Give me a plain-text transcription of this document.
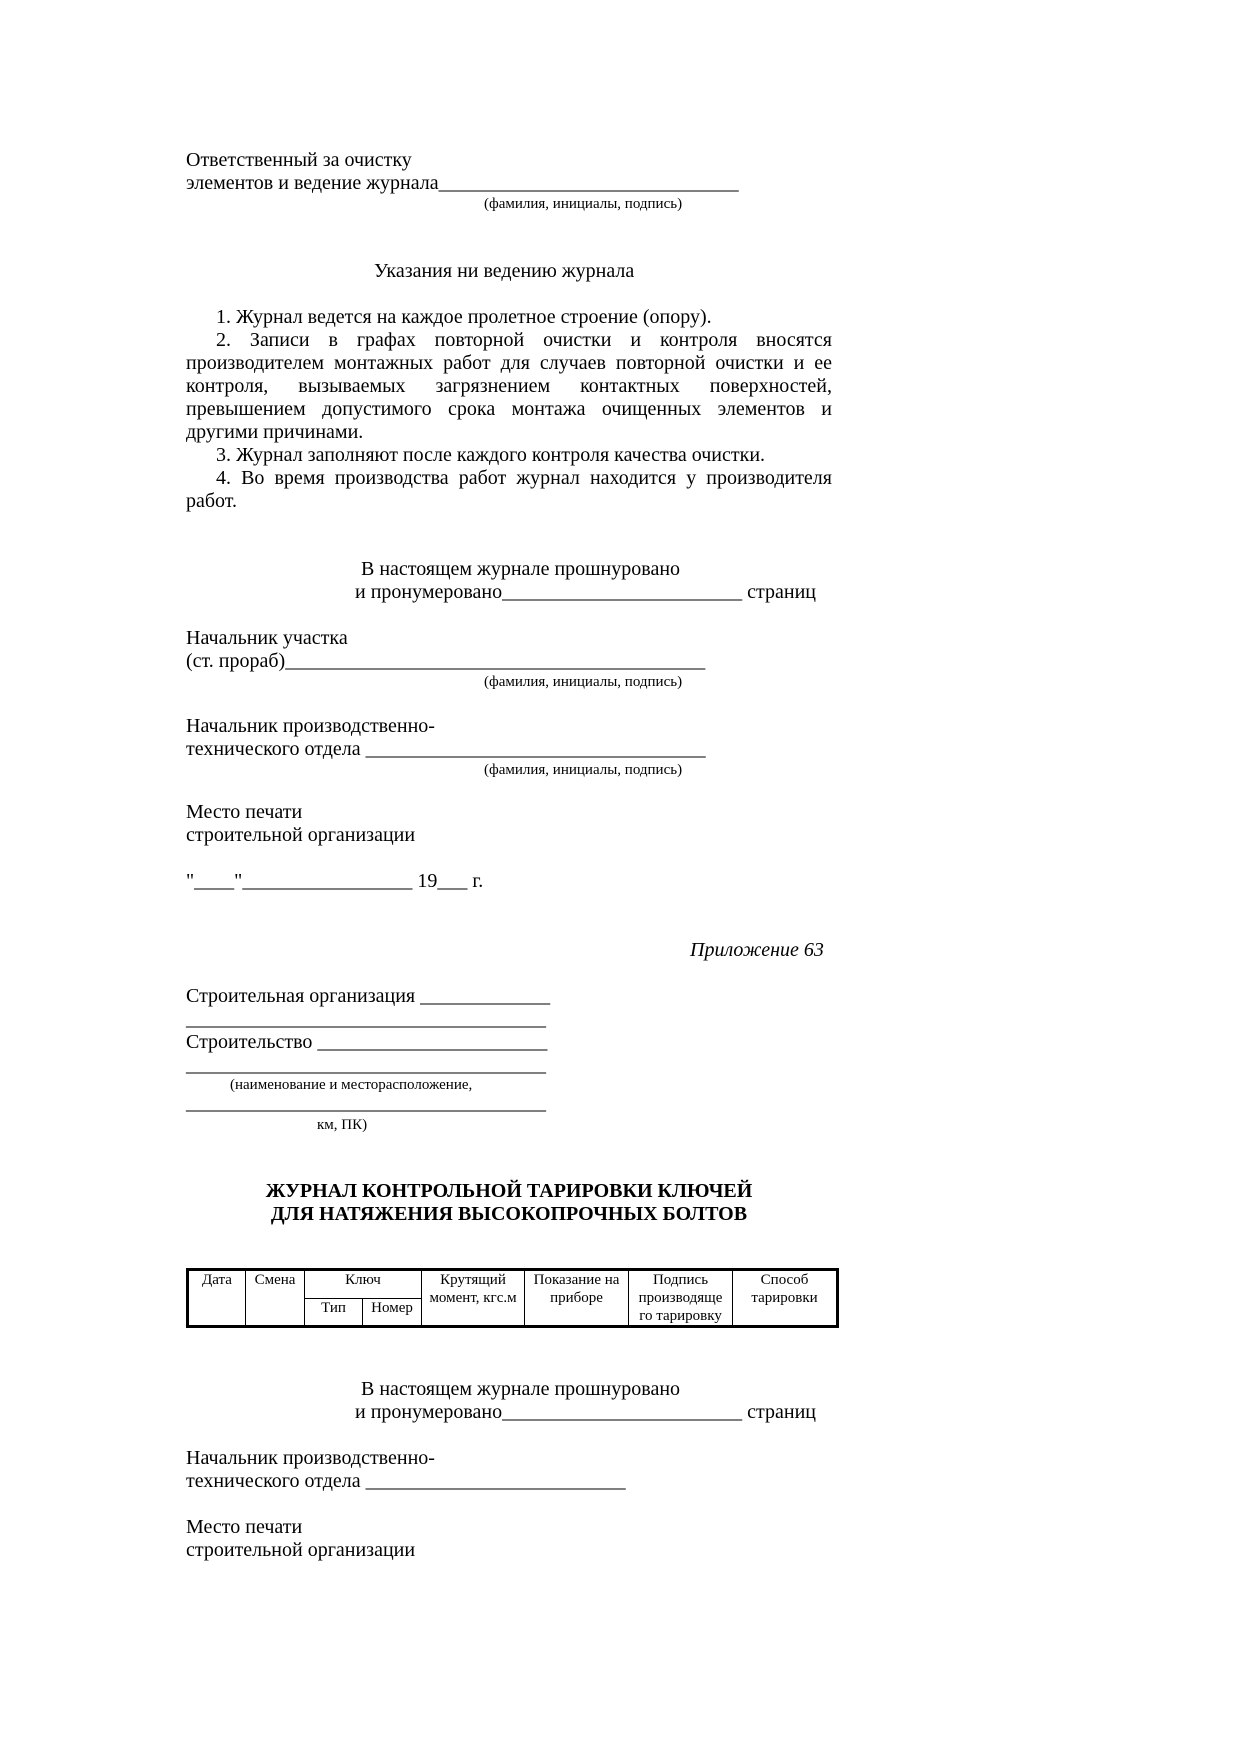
Ответственный за очистку
элементов и ведение журнала______________________________
(фамилия, инициалы, подпись)
Указания ни ведению журнала
1. Журнал ведется на каждое пролетное строение (опору).
2. Записи в графах повторной очистки и контроля вносятся производителем монтажных работ для случаев повторной очистки и ее контроля, вызываемых загрязнением контактных поверхностей, превышением допустимого срока монтажа очищенных элементов и другими причинами.
3. Журнал заполняют после каждого контроля качества очистки.
4. Во время производства работ журнал находится у производителя работ.
В настоящем журнале прошнуровано
и пронумеровано________________________ страниц
Начальник участка
(ст. прораб)__________________________________________
(фамилия, инициалы, подпись)
Начальник производственно-
технического отдела __________________________________
(фамилия, инициалы, подпись)
Место печати
строительной организации
"____"_________________ 19___ г.
Приложение 63
Строительная организация _____________
____________________________________
Строительство _______________________
____________________________________
(наименование и месторасположение,
____________________________________
км, ПК)
ЖУРНАЛ КОНТРОЛЬНОЙ ТАРИРОВКИ КЛЮЧЕЙ
ДЛЯ НАТЯЖЕНИЯ ВЫСОКОПРОЧНЫХ БОЛТОВ
Дата	Смена	Ключ		Крутящий момент, кгс.м	Показание на приборе	Подпись производяще го тарировку	Способ тарировки
		Тип	Номер				
В настоящем журнале прошнуровано
и пронумеровано________________________ страниц
Начальник производственно-
технического отдела __________________________
Место печати
строительной организации
